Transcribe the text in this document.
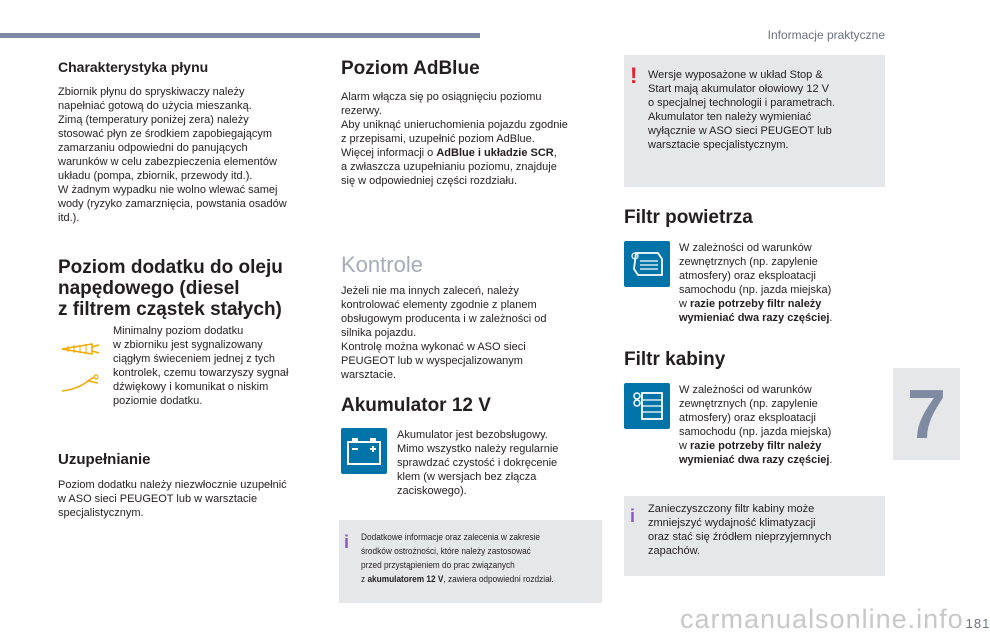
Informacje praktyczne
7
Charakterystyka płynu
Zbiornik płynu do spryskiwaczy należy
napełniać gotową do użycia mieszanką.
Zimą (temperatury poniżej zera) należy
stosować płyn ze środkiem zapobiegającym
zamarzaniu odpowiedni do panujących
warunków w celu zabezpieczenia elementów
układu (pompa, zbiornik, przewody itd.).
W żadnym wypadku nie wolno wlewać samej
wody (ryzyko zamarznięcia, powstania osadów
itd.).
Poziom dodatku do oleju
napędowego (diesel
z filtrem cząstek stałych)
Minimalny poziom dodatku
w zbiorniku jest sygnalizowany
ciągłym świeceniem jednej z tych
kontrolek, czemu towarzyszy sygnał
dźwiękowy i komunikat o niskim
poziomie dodatku.
Uzupełnianie
Poziom dodatku należy niezwłocznie uzupełnić
w ASO sieci PEUGEOT lub w warsztacie
specjalistycznym.
Poziom AdBlue
Alarm włącza się po osiągnięciu poziomu
rezerwy.
Aby uniknąć unieruchomienia pojazdu zgodnie
z przepisami, uzupełnić poziom AdBlue.
Więcej informacji o AdBlue i układzie SCR,
a zwłaszcza uzupełnianiu poziomu, znajduje
się w odpowiedniej części rozdziału.
Kontrole
Jeżeli nie ma innych zaleceń, należy
kontrolować elementy zgodnie z planem
obsługowym producenta i w zależności od
silnika pojazdu.
Kontrolę można wykonać w ASO sieci
PEUGEOT lub w wyspecjalizowanym
warsztacie.
Akumulator 12 V
Akumulator jest bezobsługowy.
Mimo wszystko należy regularnie
sprawdzać czystość i dokręcenie
klem (w wersjach bez złącza
zaciskowego).
i Dodatkowe informacje oraz zalecenia w zakresie
środków ostrożności, które należy zastosować
przed przystąpieniem do prac związanych
z akumulatorem 12 V, zawiera odpowiedni rozdział.
! Wersje wyposażone w układ Stop &
Start mają akumulator ołowiowy 12 V
o specjalnej technologii i parametrach.
Akumulator ten należy wymieniać
wyłącznie w ASO sieci PEUGEOT lub
warsztacie specjalistycznym.
Filtr powietrza
W zależności od warunków
zewnętrznych (np. zapylenie
atmosfery) oraz eksploatacji
samochodu (np. jazda miejska)
w razie potrzeby filtr należy
wymieniać dwa razy częściej.
Filtr kabiny
W zależności od warunków
zewnętrznych (np. zapylenie
atmosfery) oraz eksploatacji
samochodu (np. jazda miejska)
w razie potrzeby filtr należy
wymieniać dwa razy częściej.
i Zanieczyszczony filtr kabiny może
zmniejszyć wydajność klimatyzacji
oraz stać się źródłem nieprzyjemnych
zapachów.
carmanualsonline.info 181
